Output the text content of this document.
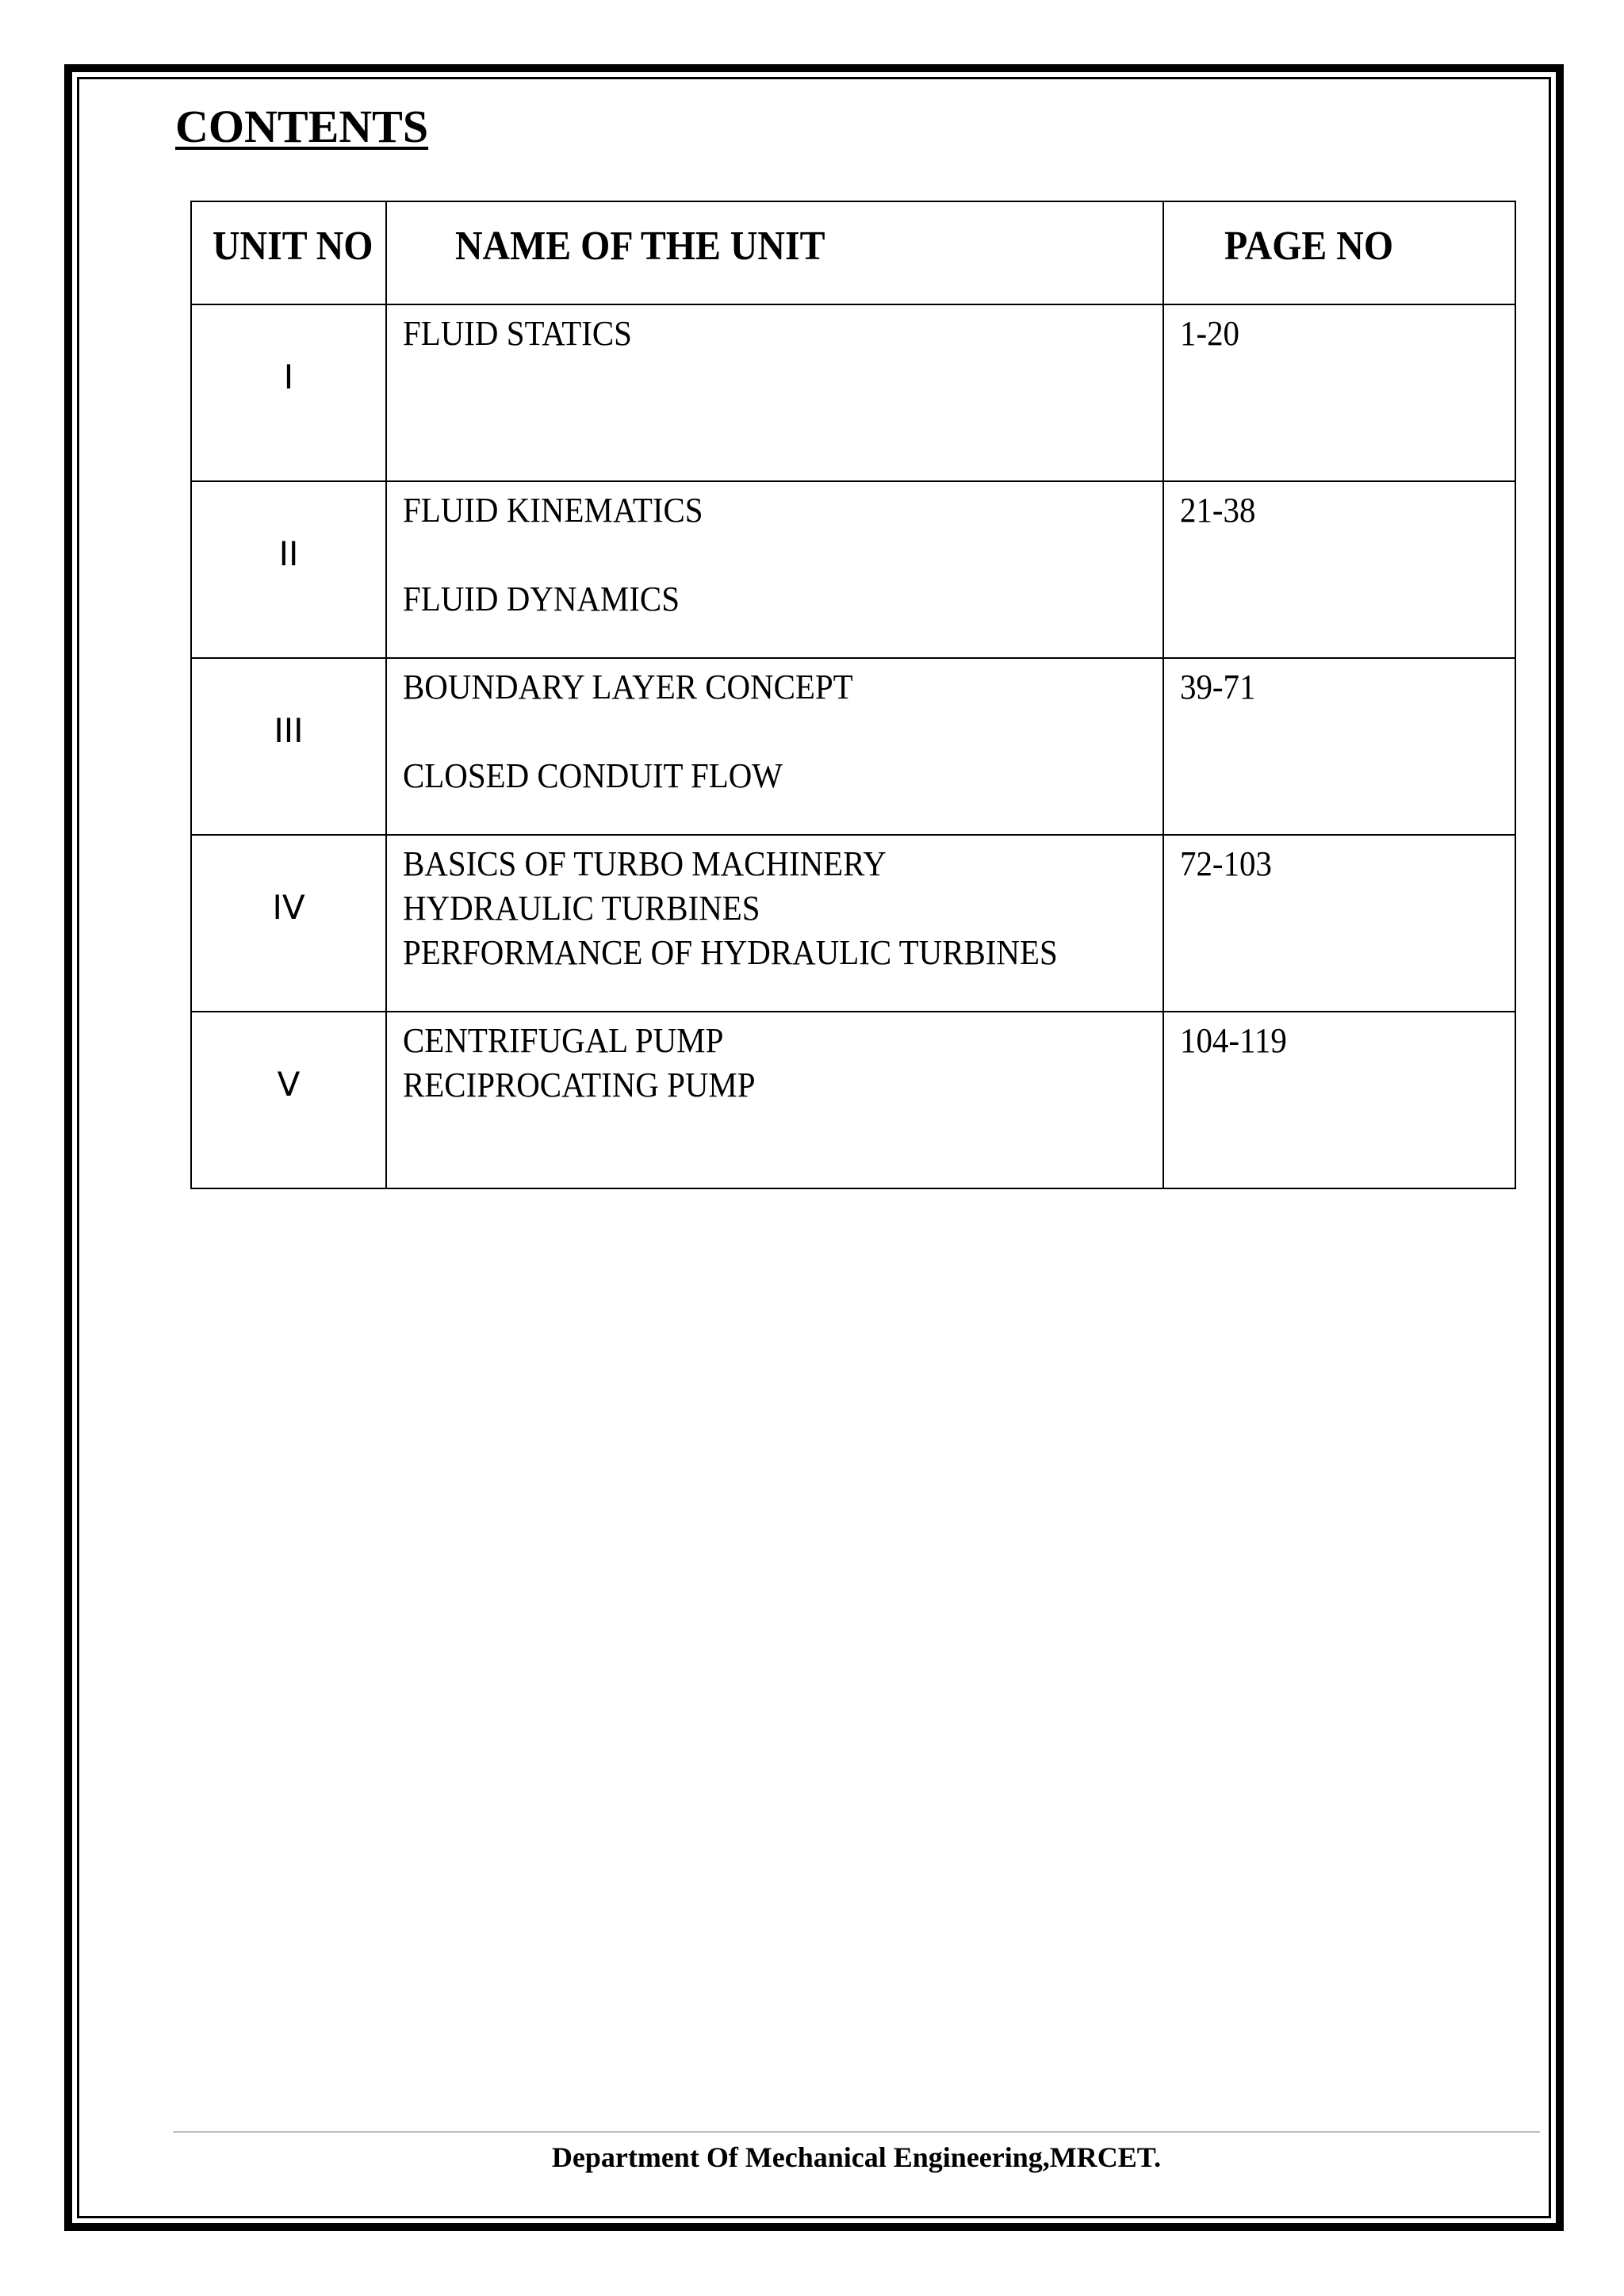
CONTENTS
UNIT NO	NAME OF THE UNIT	PAGE NO

I	FLUID STATICS	1-20

II	FLUID KINEMATICS
FLUID DYNAMICS	21-38

III	BOUNDARY LAYER CONCEPT
CLOSED CONDUIT FLOW	39-71

IV	BASICS OF TURBO MACHINERY
HYDRAULIC TURBINES
PERFORMANCE OF HYDRAULIC TURBINES	72-103

V	CENTRIFUGAL PUMP
RECIPROCATING PUMP	104-119
Department Of Mechanical Engineering,MRCET.
